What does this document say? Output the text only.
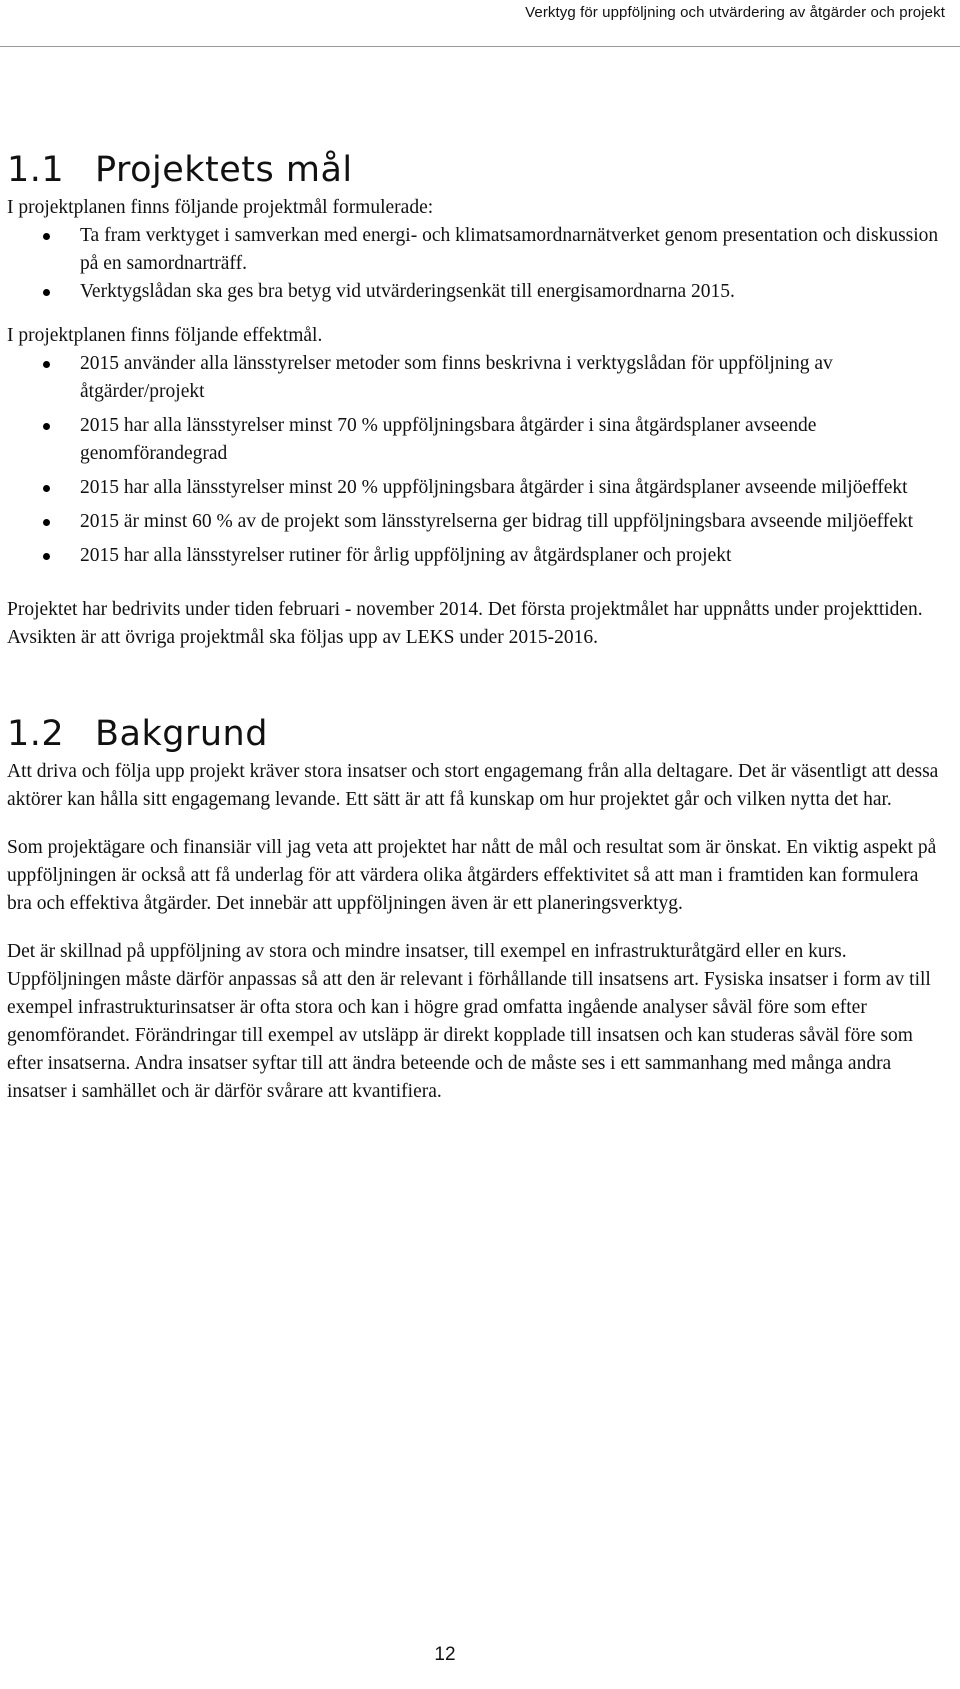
Verktyg för uppföljning och utvärdering av åtgärder och projekt
1.1 Projektets mål

I projektplanen finns följande projektmål formulerade:

Ta fram verktyget i samverkan med energi- och klimatsamordnarnätverket genom presentation och diskussion på en samordnarträff.
Verktygslådan ska ges bra betyg vid utvärderingsenkät till energisamordnarna 2015.

I projektplanen finns följande effektmål.

2015 använder alla länsstyrelser metoder som finns beskrivna i verktygslådan för uppföljning av åtgärder/projekt
2015 har alla länsstyrelser minst 70 % uppföljningsbara åtgärder i sina åtgärdsplaner avseende genomförandegrad
2015 har alla länsstyrelser minst 20 % uppföljningsbara åtgärder i sina åtgärdsplaner avseende miljöeffekt
2015 är minst 60 % av de projekt som länsstyrelserna ger bidrag till uppföljningsbara avseende miljöeffekt
2015 har alla länsstyrelser rutiner för årlig uppföljning av åtgärdsplaner och projekt

Projektet har bedrivits under tiden februari - november 2014. Det första projektmålet har uppnåtts under projekttiden. Avsikten är att övriga projektmål ska följas upp av LEKS under 2015-2016.

1.2 Bakgrund

Att driva och följa upp projekt kräver stora insatser och stort engagemang från alla deltagare. Det är väsentligt att dessa aktörer kan hålla sitt engagemang levande. Ett sätt är att få kunskap om hur projektet går och vilken nytta det har.

Som projektägare och finansiär vill jag veta att projektet har nått de mål och resultat som är önskat. En viktig aspekt på uppföljningen är också att få underlag för att värdera olika åtgärders effektivitet så att man i framtiden kan formulera bra och effektiva åtgärder. Det innebär att uppföljningen även är ett planeringsverktyg.

Det är skillnad på uppföljning av stora och mindre insatser, till exempel en infrastrukturåtgärd eller en kurs. Uppföljningen måste därför anpassas så att den är relevant i förhållande till insatsens art. Fysiska insatser i form av till exempel infrastrukturinsatser är ofta stora och kan i högre grad omfatta ingående analyser såväl före som efter genomförandet. Förändringar till exempel av utsläpp är direkt kopplade till insatsen och kan studeras såväl före som efter insatserna. Andra insatser syftar till att ändra beteende och de måste ses i ett sammanhang med många andra insatser i samhället och är därför svårare att kvantifiera.

12
